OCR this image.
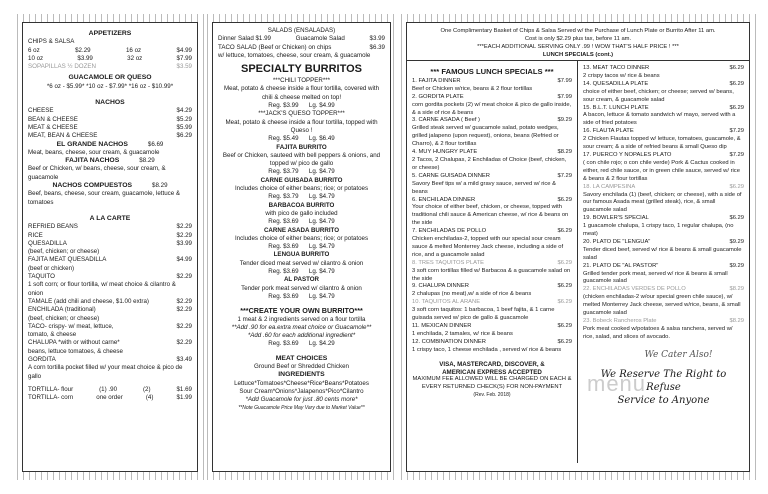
APPETIZERS
CHIPS & SALSA
6 oz	$2.29	16 oz	$4.99
10 oz	$3.99	32 oz	$7.99
SOPAPILLAS ½ DOZEN	$3.59
GUACAMOLE OR QUESO
*6 oz - $5.99* *10 oz - $7.99* *16 oz - $10.99*
NACHOS
CHEESE	$4.29
BEAN & CHEESE	$5.29
MEAT & CHEESE	$5.99
MEAT, BEAN & CHEESE	$6.29
EL GRANDE NACHOS	$6.69
Meat, beans, cheese, sour cream, & guacamole
FAJITA NACHOS	$8.29
Beef or Chicken, w/ beans, cheese, sour cream, & guacamole
NACHOS COMPUESTOS	$8.29
Beef, beans, cheese, sour cream, guacamole, lettuce & tomatoes
A LA CARTE
REFRIED BEANS	$2.29
RICE	$2.29
QUESADILLA	$3.99
(beef, chicken; or cheese)
FAJITA MEAT QUESADILLA	$4.99
(beef or chicken)
TAQUITO	$2.29
1 soft corn; or flour tortilla, w/ meat choice & cilantro & onion
TAMALE (add chili and cheese, $1.00 extra)	$2.29
ENCHILADA (traditional)	$2.29
(beef, chicken; or cheese)
TACO- crispy- w/ meat, lettuce,	$2.29
tomato, & cheese
CHALUPA *with or without carne*	$2.29
beans, lettuce tomatoes, & cheese
GORDITA	$3.49
A corn tortilla pocket filled w/ your meat choice & pico de gallo
TORTILLA- flour	(1) .90	(2)	$1.69
TORTILLA- corn	one order	(4)	$1.99
SALADS (ENSALADAS)
Dinner Salad $1.99	Guacamole Salad	$3.99
TACO SALAD (Beef or Chicken) on chips	$6.39
w/ lettuce, tomatoes, cheese, sour cream, & guacamole
SPECIALTY BURRITOS
***CHILI TOPPER***
Meat, potato & cheese inside a flour tortilla, covered with chili & cheese melted on top!
Reg. $3.99 Lg. $4.99
***JACK'S QUESO TOPPER***
Meat, potato & cheese inside a flour tortilla, topped with Queso !
Reg. $5.49 Lg. $6.49
FAJITA BURRITO
Beef or Chicken, sauteed with bell peppers & onions, and topped w/ pico de gallo
Reg. $3.79 Lg. $4.79
CARNE GUISADA BURRITO
Includes choice of either beans; rice; or potatoes
Reg. $3.79 Lg. $4.79
BARBACOA BURRITO
with pico de gallo included
Reg. $3.69 Lg. $4.79
CARNE ASADA BURRITO
Includes choice of either beans; rice; or potatoes
Reg. $3.69 Lg. $4.79
LENGUA BURRITO
Tender diced meat served w/ cilantro & onion
Reg. $3.69 Lg. $4.79
AL PASTOR
Tender pork meat served w/ cilantro & onion
Reg. $3.69 Lg. $4.79
***CREATE YOUR OWN BURRITO***
1 meat & 2 ingredients served on a flour tortilla
**Add .90 for ea.extra meat choice or Guacamole**
*Add .60 for each additional ingredient*
Reg. $3.69 Lg. $4.29
MEAT CHOICES
Ground Beef or Shredded Chicken
INGREDIENTS
Lettuce*Tomatoes*Cheese*Rice*Beans*Potatoes
Sour Cream*Onions*Jalapenos*Pico*Cilantro
*Add Guacamole for just .80 cents more*
**Note Guacamole Price May Vary due to Market Value**
One Complimentary Basket of Chips & Salsa Served w/ the Purchase of Lunch Plate or Burrito After 11 am.
Cost is only $2.29 plus tax, before 11 am.
***EACH ADDITIONAL SERVING ONLY .99 ! WOW THAT'S HALF PRICE ! ***
LUNCH SPECIALS (cont.)
*** FAMOUS LUNCH SPECIALS ***
1. FAJITA DINNER	$7.99
Beef or Chicken w/rice, beans & 2 flour tortillas
2. GORDITA PLATE	$7.99
corn gordita pockets (2) w/ meat choice & pico de gallo inside, & a side of rice & beans
3. CARNE ASADA ( Beef )	$9.29
Grilled steak served w/ guacamole salad, potato wedges, grilled jalapeno (upon request), onions, beans (Refried or Charro), & 2 flour tortillas
4. MUY HUNGRY PLATE	$8.29
2 Tacos, 2 Chalupas, 2 Enchiladas of Choice (beef, chicken, or cheese)
5. CARNE GUISADA DINNER	$7.29
Savory Beef tips w/ a mild gravy sauce, served w/ rice & beans
6. ENCHILADA DINNER	$6.29
Your choice of either beef, chicken, or cheese, topped with traditional chili sauce & American cheese, w/ rice & beans on the side
7. ENCHILADAS DE POLLO	$6.29
Chicken enchiladas-2, topped with our special sour cream sauce & melted Monterrey Jack cheese, including a side of rice, and a guacamole salad
8. TRES TAQUITOS PLATE	$6.29
3 soft corn tortillas filled w/ Barbacoa & a guacamole salad on the side
9. CHALUPA DINNER	$6.29
2 chalupas (no meat),w/ a side of rice & beans
10. TAQUITOS AL ARANE	$6.29
3 soft corn taquitos: 1 barbacoa, 1 beef fajita, & 1 carne guisada served w/ pico de gallo & guacamole
11. MEXICAN DINNER	$6.29
1 enchilada, 2 tamales, w/ rice & beans
12. COMBINATION DINNER	$6.29
1 crispy taco, 1 cheese enchilada , served w/ rice & beans
VISA, MASTERCARD, DISCOVER, &
AMERICAN EXPRESS ACCEPTED
MAXIMUM FEE ALLOWED WILL BE CHARGED ON EACH & EVERY RETURNED CHECK(S) FOR NON-PAYMENT
(Rev. Feb. 2018)
13. MEAT TACO DINNER	$6.29
2 crispy tacos w/ rice & beans
14. QUESADILLA PLATE	$6.29
choice of either beef, chicken; or cheese; served w/ beans, sour cream, & guacamole salad
15. B.L.T. LUNCH PLATE	$6.29
A bacon, lettuce & tomato sandwich w/ mayo, served with a side of fried potatoes
16. FLAUTA PLATE	$7.29
2 Chicken Flautas topped w/ lettuce, tomatoes, guacamole, & sour cream; & a side of refried beans & small Queso dip
17. PUERCO Y NOPALES PLATO	$7.29
( con chile rojo; o con chile verde) Pork & Cactus cooked in either, red chile sauce, or in green chile sauce, served w/ rice & beans & 2 flour tortillas
18. LA CAMPESINA	$6.29
Savory enchilada (1) (beef, chicken; or cheese), with a side of our famous Asada meat (grilled steak), rice, & small guacamole salad
19. BOWLER'S SPECIAL	$6.29
1 guacamole chalupa, 1 crispy taco, 1 regular chalupa, (no meat)
20. PLATO DE "LENGUA"	$9.29
Tender diced beef, served w/ rice & beans & small guacamole salad
21. PLATO DE "AL PASTOR"	$9.29
Grilled tender pork meat, served w/ rice & beans & small guacamole salad
22. ENCHILADAS VERDES DE POLLO	$8.29
(chicken enchiladas-2 w/our special green chile sauce), w/ melted Monterrey Jack cheese, served w/rice, beans, & small guacamole salad
23. Bobeck Rancheros Plate	$8.29
Pork meat cooked w/potatoes & salsa ranchera, served w/ rice, salad, and slices of avocado.
We Cater Also!
We Reserve The Right to Refuse
Service to Anyone
menu
